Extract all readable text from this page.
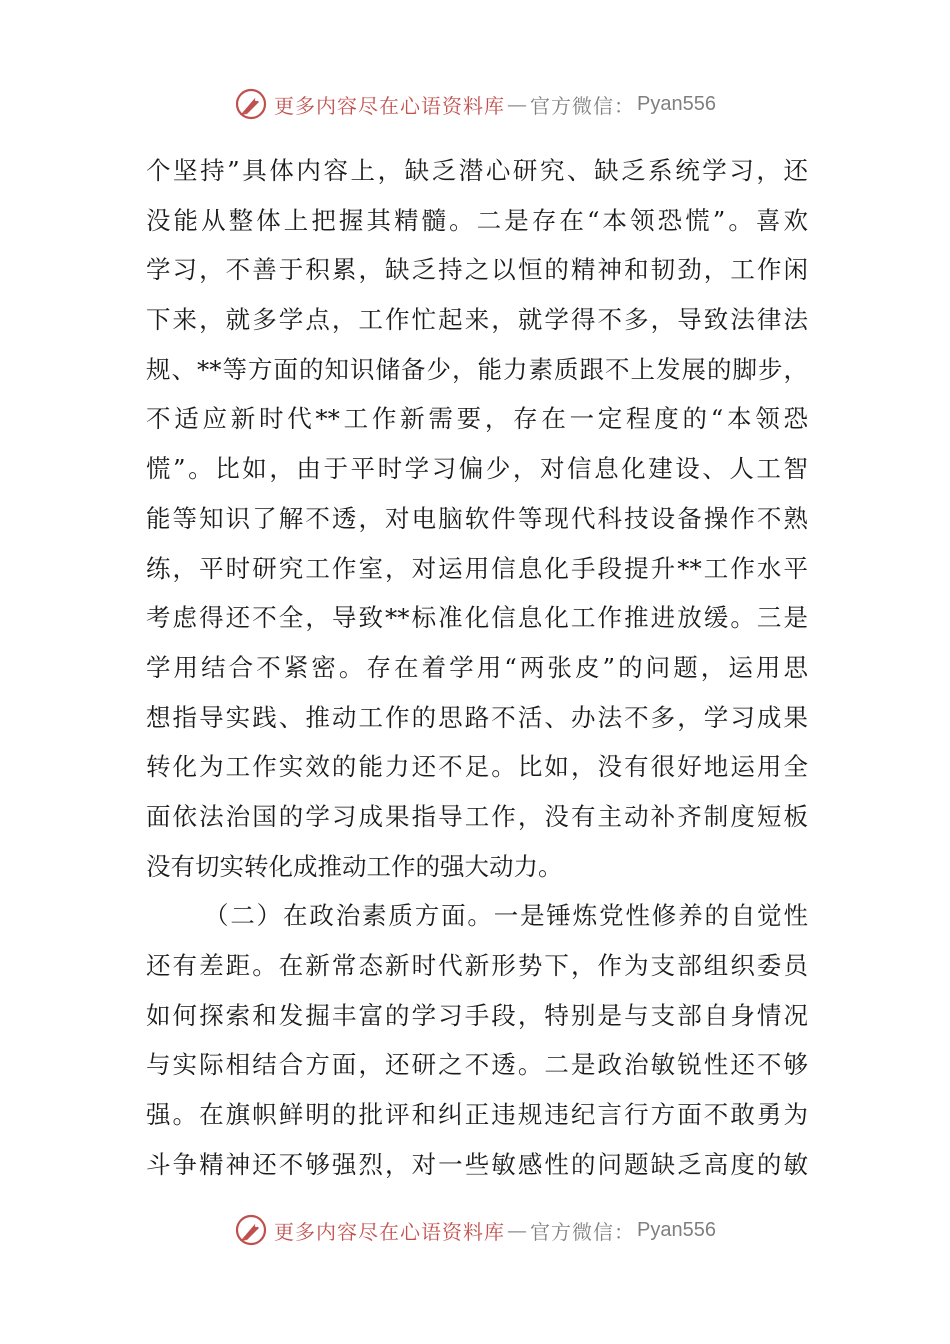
更多内容尽在心语资料库 — 官方微信： Pyan556
个坚持”具体内容上，缺乏潜心研究、缺乏系统学习，还
没能从整体上把握其精髓。二是存在“本领恐慌”。喜欢
学习，不善于积累，缺乏持之以恒的精神和韧劲，工作闲
下来，就多学点，工作忙起来，就学得不多，导致法律法
规、**等方面的知识储备少，能力素质跟不上发展的脚步，
不适应新时代**工作新需要，存在一定程度的“本领恐
慌”。比如，由于平时学习偏少，对信息化建设、人工智
能等知识了解不透，对电脑软件等现代科技设备操作不熟
练，平时研究工作室，对运用信息化手段提升**工作水平
考虑得还不全，导致**标准化信息化工作推进放缓。三是
学用结合不紧密。存在着学用“两张皮”的问题，运用思
想指导实践、推动工作的思路不活、办法不多，学习成果
转化为工作实效的能力还不足。比如，没有很好地运用全
面依法治国的学习成果指导工作，没有主动补齐制度短板
没有切实转化成推动工作的强大动力。
（二）在政治素质方面。一是锤炼党性修养的自觉性
还有差距。在新常态新时代新形势下，作为支部组织委员
如何探索和发掘丰富的学习手段，特别是与支部自身情况
与实际相结合方面，还研之不透。二是政治敏锐性还不够
强。在旗帜鲜明的批评和纠正违规违纪言行方面不敢勇为
斗争精神还不够强烈，对一些敏感性的问题缺乏高度的敏
更多内容尽在心语资料库 — 官方微信： Pyan556
